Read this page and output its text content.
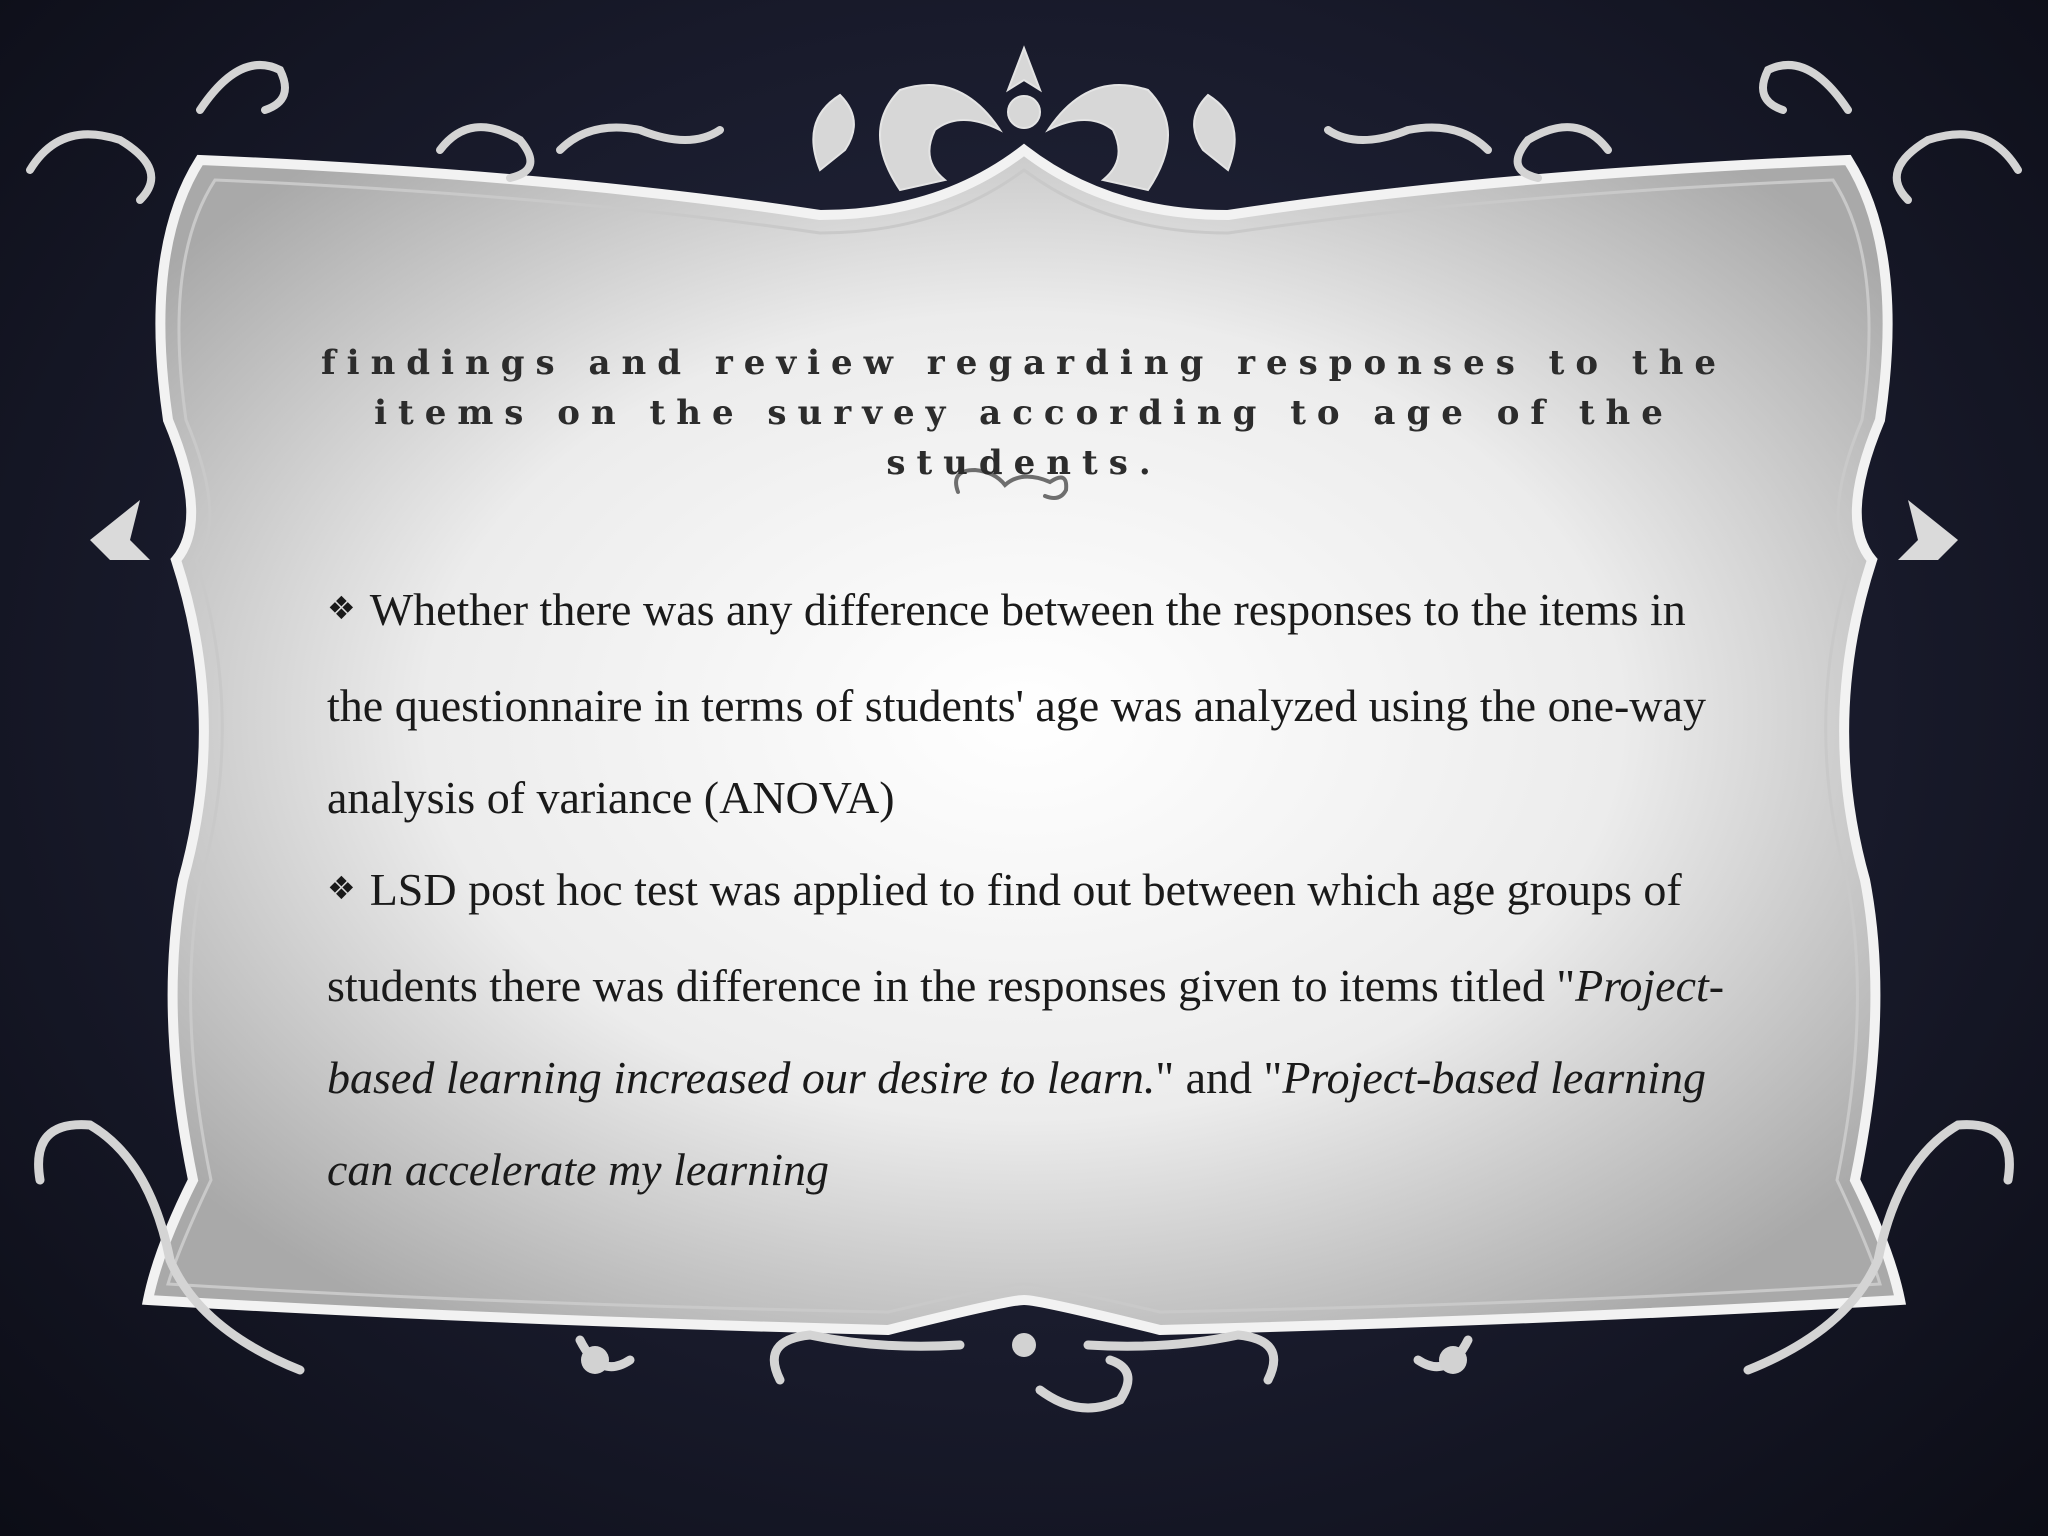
findings and review regarding responses to the items on the survey according to age of the students.

❖ Whether there was any difference between the responses to the items in the questionnaire in terms of students' age was analyzed using the one-way analysis of variance (ANOVA)

❖ LSD post hoc test was applied to find out between which age groups of students there was difference in the responses given to items titled "Project-based learning increased our desire to learn." and "Project-based learning can accelerate my learning
